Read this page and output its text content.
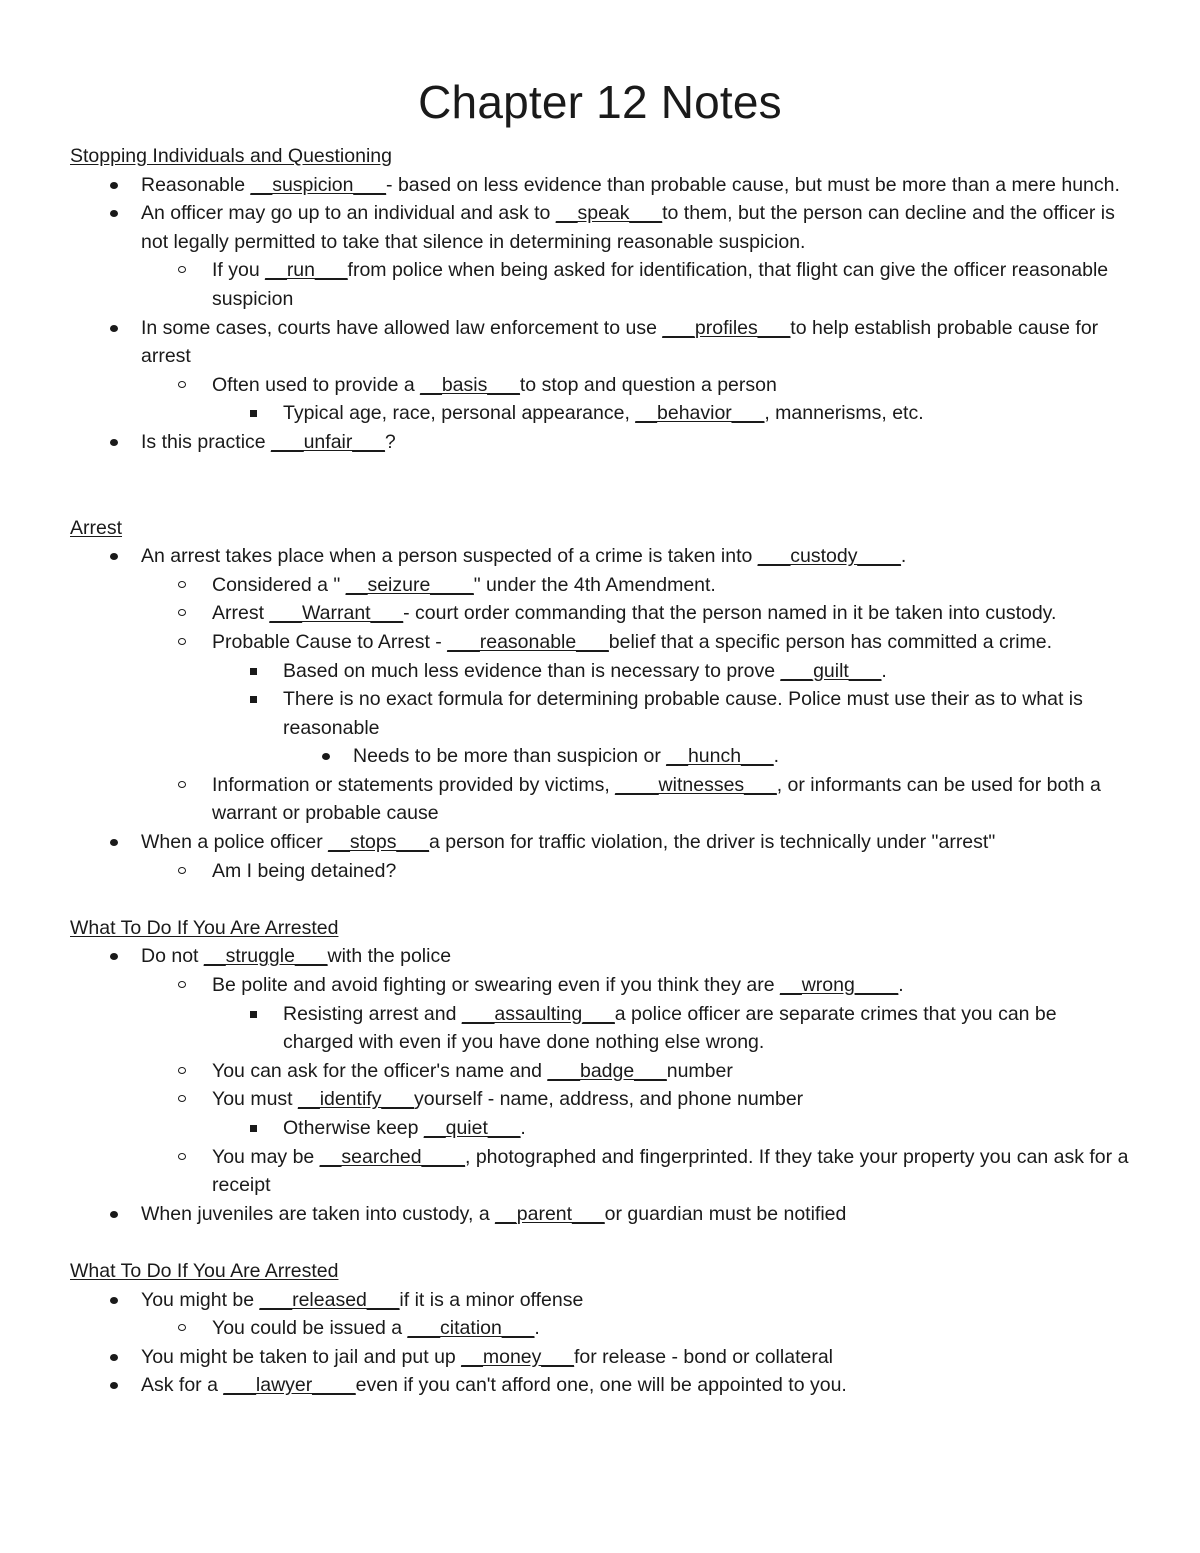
Chapter 12 Notes
Stopping Individuals and Questioning
Reasonable __suspicion___- based on less evidence than probable cause, but must be more than a mere hunch.
An officer may go up to an individual and ask to __speak___to them, but the person can decline and the officer is not legally permitted to take that silence in determining reasonable suspicion.
If you __run___from police when being asked for identification, that flight can give the officer reasonable suspicion
In some cases, courts have allowed law enforcement to use ___profiles___to help establish probable cause for arrest
Often used to provide a __basis___to stop and question a person
Typical age, race, personal appearance, __behavior___, mannerisms, etc.
Is this practice ___unfair___?
Arrest
An arrest takes place when a person suspected of a crime is taken into ___custody____.
Considered a " __seizure____" under the 4th Amendment.
Arrest ___Warrant___- court order commanding that the person named in it be taken into custody.
Probable Cause to Arrest - ___reasonable___belief that a specific person has committed a crime.
Based on much less evidence than is necessary to prove ___guilt___.
There is no exact formula for determining probable cause. Police must use their as to what is reasonable
Needs to be more than suspicion or __hunch___.
Information or statements provided by victims, ____witnesses___, or informants can be used for both a warrant or probable cause
When a police officer __stops___a person for traffic violation, the driver is technically under "arrest"
Am I being detained?
What To Do If You Are Arrested
Do not __struggle___with the police
Be polite and avoid fighting or swearing even if you think they are __wrong____.
Resisting arrest and ___assaulting___a police officer are separate crimes that you can be charged with even if you have done nothing else wrong.
You can ask for the officer's name and ___badge___number
You must __identify___yourself - name, address, and phone number
Otherwise keep __quiet___.
You may be __searched____, photographed and fingerprinted. If they take your property you can ask for a receipt
When juveniles are taken into custody, a __parent___or guardian must be notified
What To Do If You Are Arrested
You might be ___released___if it is a minor offense
You could be issued a ___citation___.
You might be taken to jail and put up __money___for release - bond or collateral
Ask for a ___lawyer____even if you can't afford one, one will be appointed to you.
